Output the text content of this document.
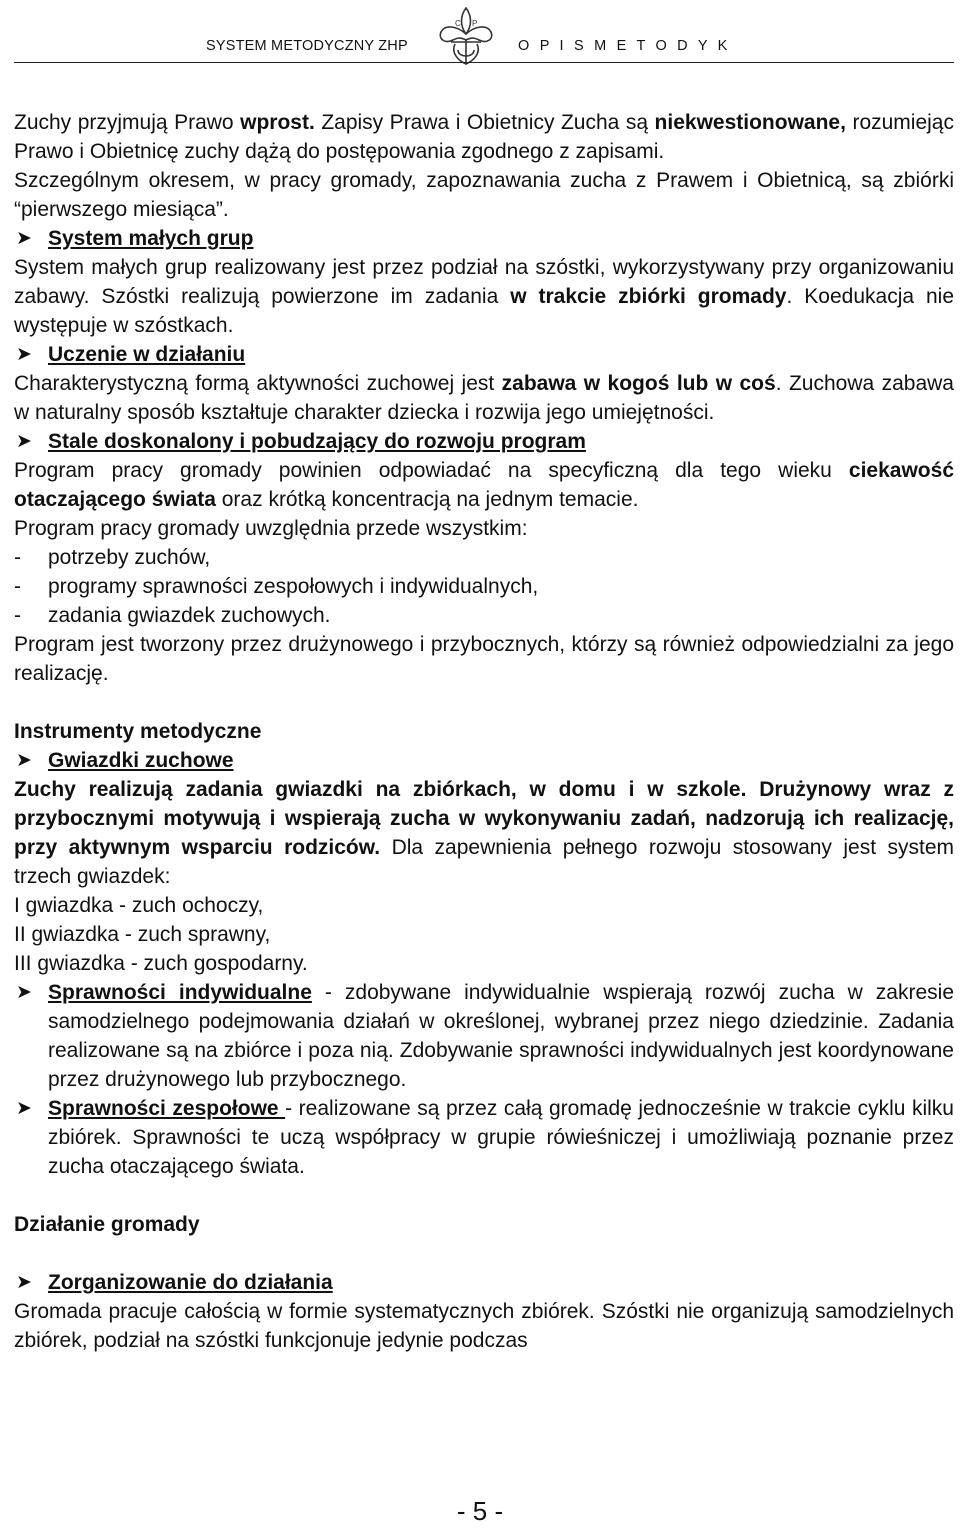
SYSTEM METODYCZNY ZHP
C P
O P I S M E T O D Y K

Zuchy przyjmują Prawo wprost. Zapisy Prawa i Obietnicy Zucha są niekwestionowane, rozumiejąc Prawo i Obietnicę zuchy dążą do postępowania zgodnego z zapisami.

Szczególnym okresem, w pracy gromady, zapoznawania zucha z Prawem i Obietnicą, są zbiórki “pierwszego miesiąca”.

➤ System małych grup

System małych grup realizowany jest przez podział na szóstki, wykorzystywany przy organizowaniu zabawy. Szóstki realizują powierzone im zadania w trakcie zbiórki gromady. Koedukacja nie występuje w szóstkach.

➤ Uczenie w działaniu

Charakterystyczną formą aktywności zuchowej jest zabawa w kogoś lub w coś. Zuchowa zabawa w naturalny sposób kształtuje charakter dziecka i rozwija jego umiejętności.

➤ Stale doskonalony i pobudzający do rozwoju program

Program pracy gromady powinien odpowiadać na specyficzną dla tego wieku ciekawość otaczającego świata oraz krótką koncentracją na jednym temacie.

Program pracy gromady uwzględnia przede wszystkim:

- potrzeby zuchów,
- programy sprawności zespołowych i indywidualnych,
- zadania gwiazdek zuchowych.

Program jest tworzony przez drużynowego i przybocznych, którzy są również odpowiedzialni za jego realizację.

Instrumenty metodyczne

➤ Gwiazdki zuchowe

Zuchy realizują zadania gwiazdki na zbiórkach, w domu i w szkole. Drużynowy wraz z przybocznymi motywują i wspierają zucha w wykonywaniu zadań, nadzorują ich realizację, przy aktywnym wsparciu rodziców. Dla zapewnienia pełnego rozwoju stosowany jest system trzech gwiazdek:

I gwiazdka - zuch ochoczy,

II gwiazdka - zuch sprawny,

III gwiazdka - zuch gospodarny.

➤ Sprawności indywidualne - zdobywane indywidualnie wspierają rozwój zucha w zakresie samodzielnego podejmowania działań w określonej, wybranej przez niego dziedzinie. Zadania realizowane są na zbiórce i poza nią. Zdobywanie sprawności indywidualnych jest koordynowane przez drużynowego lub przybocznego.
➤ Sprawności zespołowe - realizowane są przez całą gromadę jednocześnie w trakcie cyklu kilku zbiórek. Sprawności te uczą współpracy w grupie rówieśniczej i umożliwiają poznanie przez zucha otaczającego świata.

Działanie gromady

➤ Zorganizowanie do działania

Gromada pracuje całością w formie systematycznych zbiórek. Szóstki nie organizują samodzielnych zbiórek, podział na szóstki funkcjonuje jedynie podczas

- 5 -
